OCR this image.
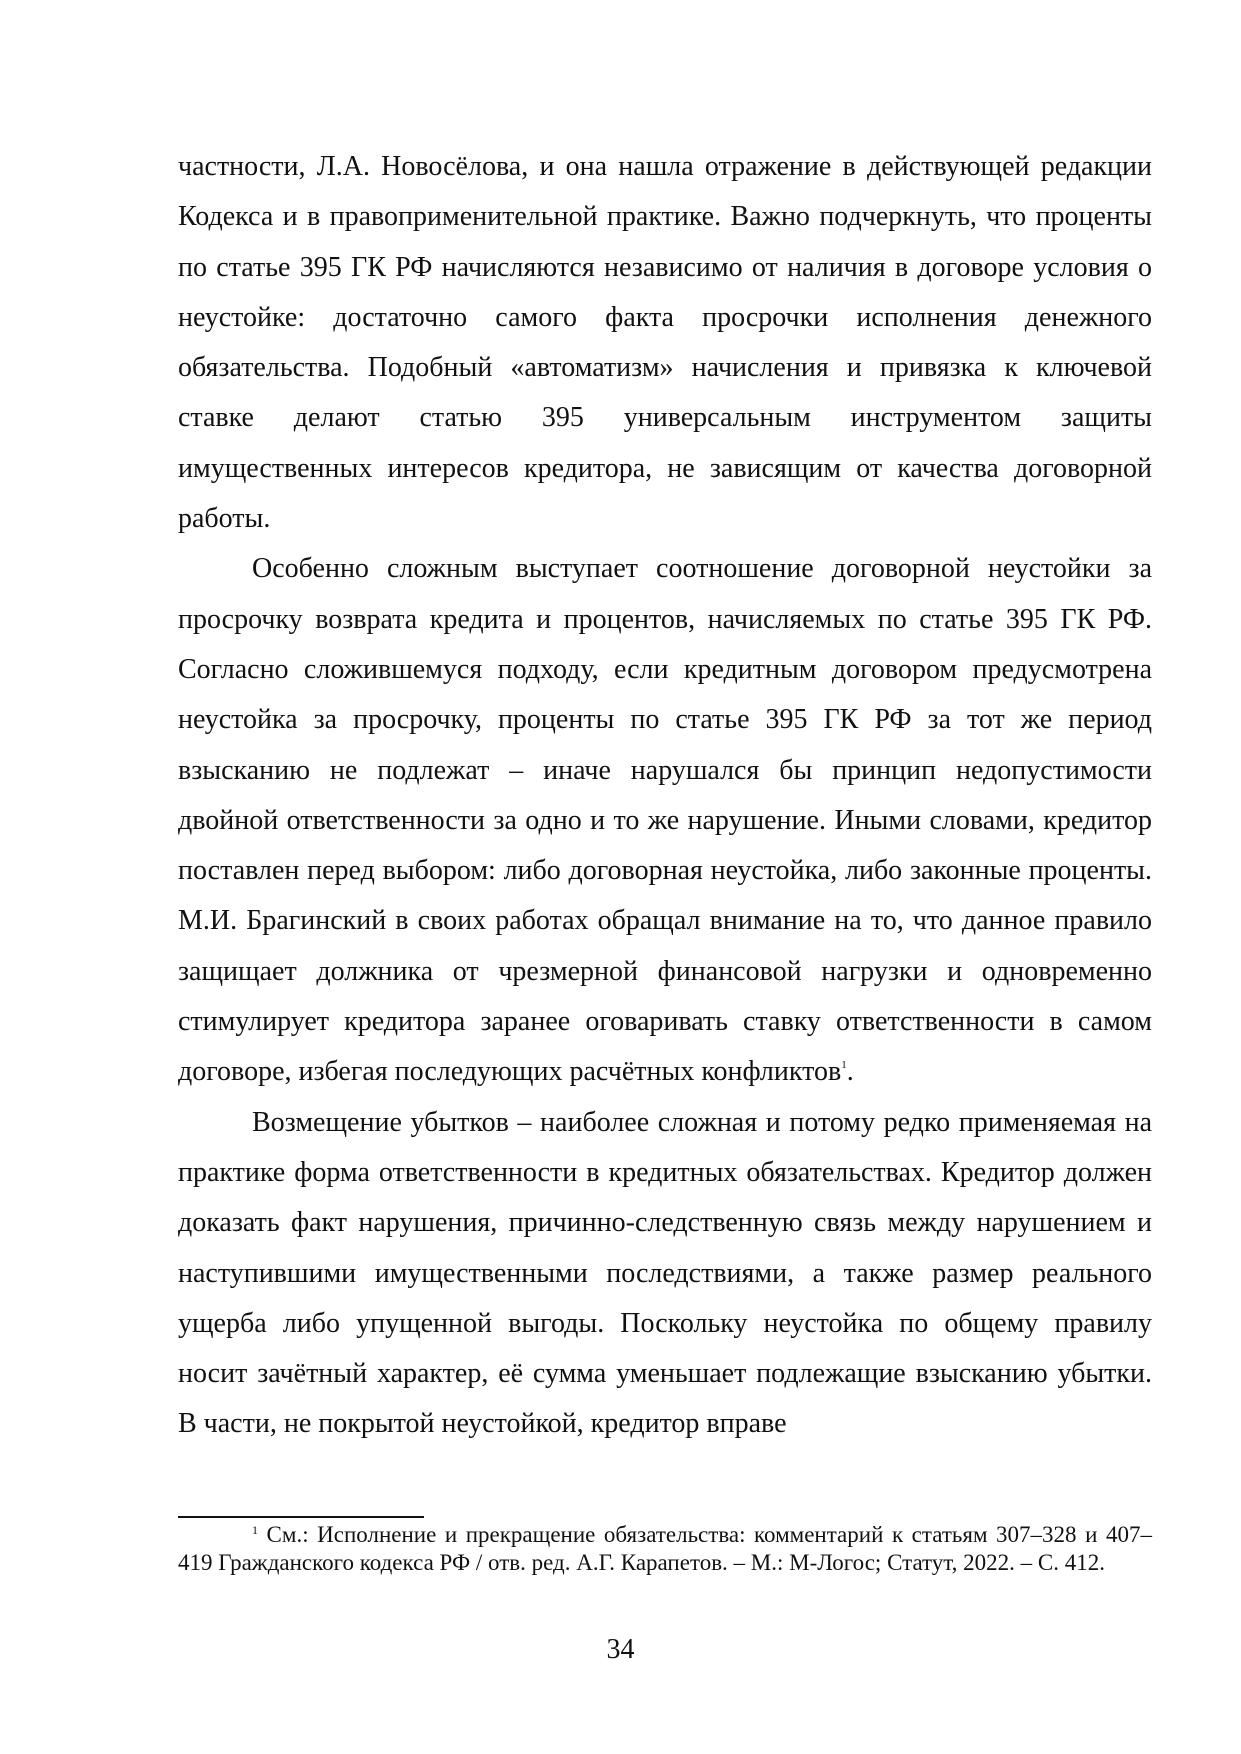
частности, Л.А. Новосёлова, и она нашла отражение в действующей редакции Кодекса и в правоприменительной практике. Важно подчеркнуть, что проценты по статье 395 ГК РФ начисляются независимо от наличия в договоре условия о неустойке: достаточно самого факта просрочки исполнения денежного обязательства. Подобный «автоматизм» начисления и привязка к ключевой ставке делают статью 395 универсальным инструментом защиты имущественных интересов кредитора, не зависящим от качества договорной работы.

Особенно сложным выступает соотношение договорной неустойки за просрочку возврата кредита и процентов, начисляемых по статье 395 ГК РФ. Согласно сложившемуся подходу, если кредитным договором предусмотрена неустойка за просрочку, проценты по статье 395 ГК РФ за тот же период взысканию не подлежат – иначе нарушался бы принцип недопустимости двойной ответственности за одно и то же нарушение. Иными словами, кредитор поставлен перед выбором: либо договорная неустойка, либо законные проценты. М.И. Брагинский в своих работах обращал внимание на то, что данное правило защищает должника от чрезмерной финансовой нагрузки и одновременно стимулирует кредитора заранее оговаривать ставку ответственности в самом договоре, избегая последующих расчётных конфликтов$^1$.

Возмещение убытков – наиболее сложная и потому редко применяемая на практике форма ответственности в кредитных обязательствах. Кредитор должен доказать факт нарушения, причинно-следственную связь между нарушением и наступившими имущественными последствиями, а также размер реального ущерба либо упущенной выгоды. Поскольку неустойка по общему правилу носит зачётный характер, её сумма уменьшает подлежащие взысканию убытки. В части, не покрытой неустойкой, кредитор вправе

$^1$ См.: Исполнение и прекращение обязательства: комментарий к статьям 307–328 и 407–419 Гражданского кодекса РФ / отв. ред. А.Г. Карапетов. – М.: М-Логос; Статут, 2022. – С. 412.

34
